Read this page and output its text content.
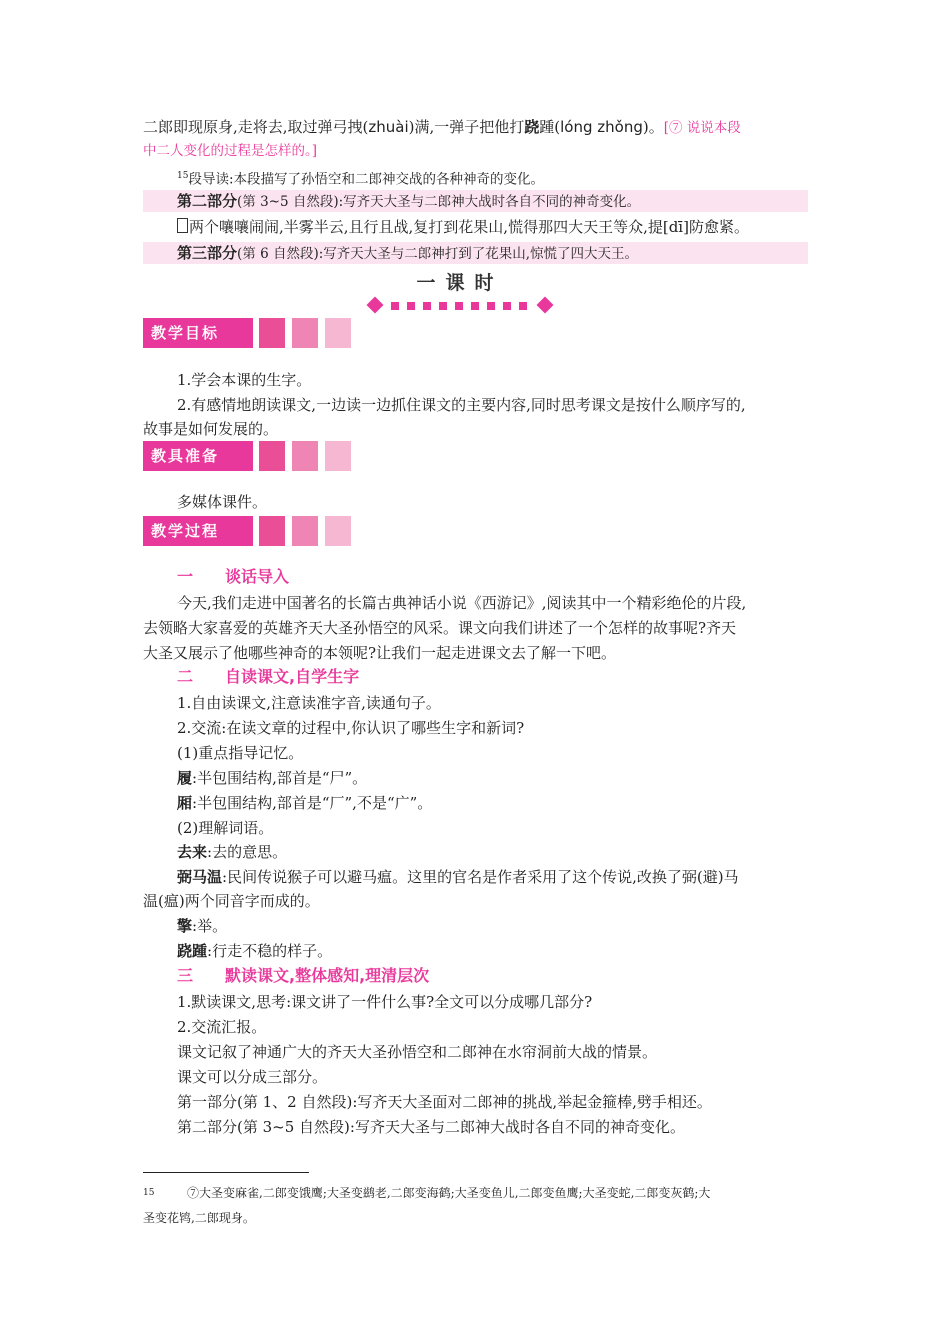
二郎即现原身,走将去,取过弹弓拽(zhuài)满,一弹子把他打跷踵(lóng zhǒng)。[⑦ 说说本段
中二人变化的过程是怎样的。]
$^{15}$段导读:本段描写了孙悟空和二郎神交战的各种神奇的变化。
第二部分(第 3~5 自然段):写齐天大圣与二郎神大战时各自不同的神奇变化。
两个嚷嚷闹闹,半雾半云,且行且战,复打到花果山,慌得那四大天王等众,提[dī]防愈紧。
第三部分(第 6 自然段):写齐天大圣与二郎神打到了花果山,惊慌了四大天王。
一课时
教学目标
1.学会本课的生字。
2.有感情地朗读课文,一边读一边抓住课文的主要内容,同时思考课文是按什么顺序写的,
故事是如何发展的。
教具准备
多媒体课件。
教学过程
一 谈话导入
今天,我们走进中国著名的长篇古典神话小说《西游记》,阅读其中一个精彩绝伦的片段,
去领略大家喜爱的英雄齐天大圣孙悟空的风采。课文向我们讲述了一个怎样的故事呢?齐天
大圣又展示了他哪些神奇的本领呢?让我们一起走进课文去了解一下吧。
二 自读课文,自学生字
1.自由读课文,注意读准字音,读通句子。
2.交流:在读文章的过程中,你认识了哪些生字和新词?
(1)重点指导记忆。
履:半包围结构,部首是“尸”。
厢:半包围结构,部首是“厂”,不是“广”。
(2)理解词语。
去来:去的意思。
弼马温:民间传说猴子可以避马瘟。这里的官名是作者采用了这个传说,改换了弼(避)马
温(瘟)两个同音字而成的。
擎:举。
跷踵:行走不稳的样子。
三 默读课文,整体感知,理清层次
1.默读课文,思考:课文讲了一件什么事?全文可以分成哪几部分?
2.交流汇报。
课文记叙了神通广大的齐天大圣孙悟空和二郎神在水帘洞前大战的情景。
课文可以分成三部分。
第一部分(第 1、2 自然段):写齐天大圣面对二郎神的挑战,举起金箍棒,劈手相还。
第二部分(第 3~5 自然段):写齐天大圣与二郎神大战时各自不同的神奇变化。
15	⑦大圣变麻雀,二郎变饿鹰;大圣变鹚老,二郎变海鹤;大圣变鱼儿,二郎变鱼鹰;大圣变蛇,二郎变灰鹤;大
圣变花鸨,二郎现身。
